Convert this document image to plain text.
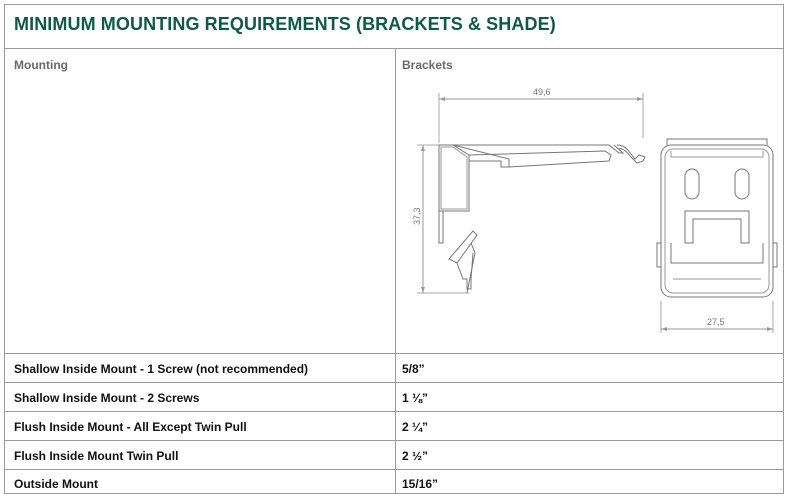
MINIMUM MOUNTING REQUIREMENTS (BRACKETS & SHADE)
Mounting	Brackets
49,6
37,3
27,5
Shallow Inside Mount - 1 Screw (not recommended)	5/8”
Shallow Inside Mount - 2 Screws	1 ⅛”
Flush Inside Mount - All Except Twin Pull	2 ¼”
Flush Inside Mount Twin Pull	2 ½”
Outside Mount	15/16”
